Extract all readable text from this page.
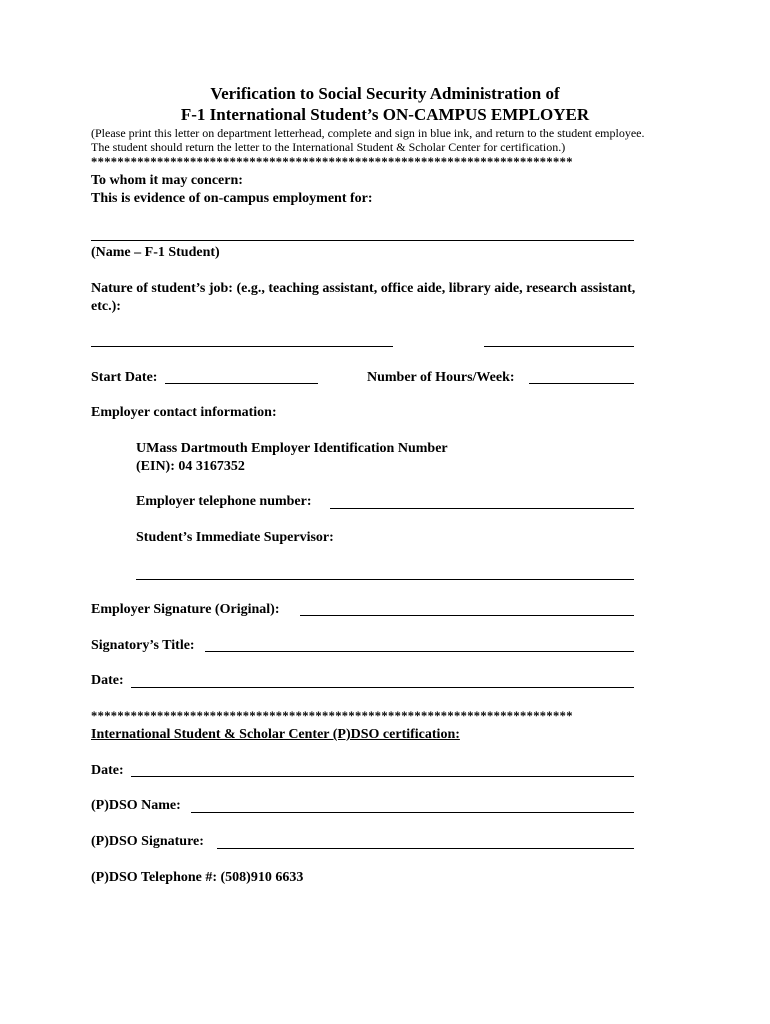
Verification to Social Security Administration of
F-1 International Student’s ON-CAMPUS EMPLOYER
(Please print this letter on department letterhead, complete and sign in blue ink, and return to the student employee.
The student should return the letter to the International Student & Scholar Center for certification.)
*************************************************************************
To whom it may concern:
This is evidence of on-campus employment for:
(Name – F-1 Student)
Nature of student’s job: (e.g., teaching assistant, office aide, library aide, research assistant,
etc.):
Start Date:	Number of Hours/Week:
Employer contact information:
UMass Dartmouth Employer Identification Number
(EIN): 04 3167352
Employer telephone number:
Student’s Immediate Supervisor:
Employer Signature (Original):
Signatory’s Title:
Date:
*************************************************************************
International Student & Scholar Center (P)DSO certification:
Date:
(P)DSO Name:
(P)DSO Signature:
(P)DSO Telephone #: (508)910 6633
